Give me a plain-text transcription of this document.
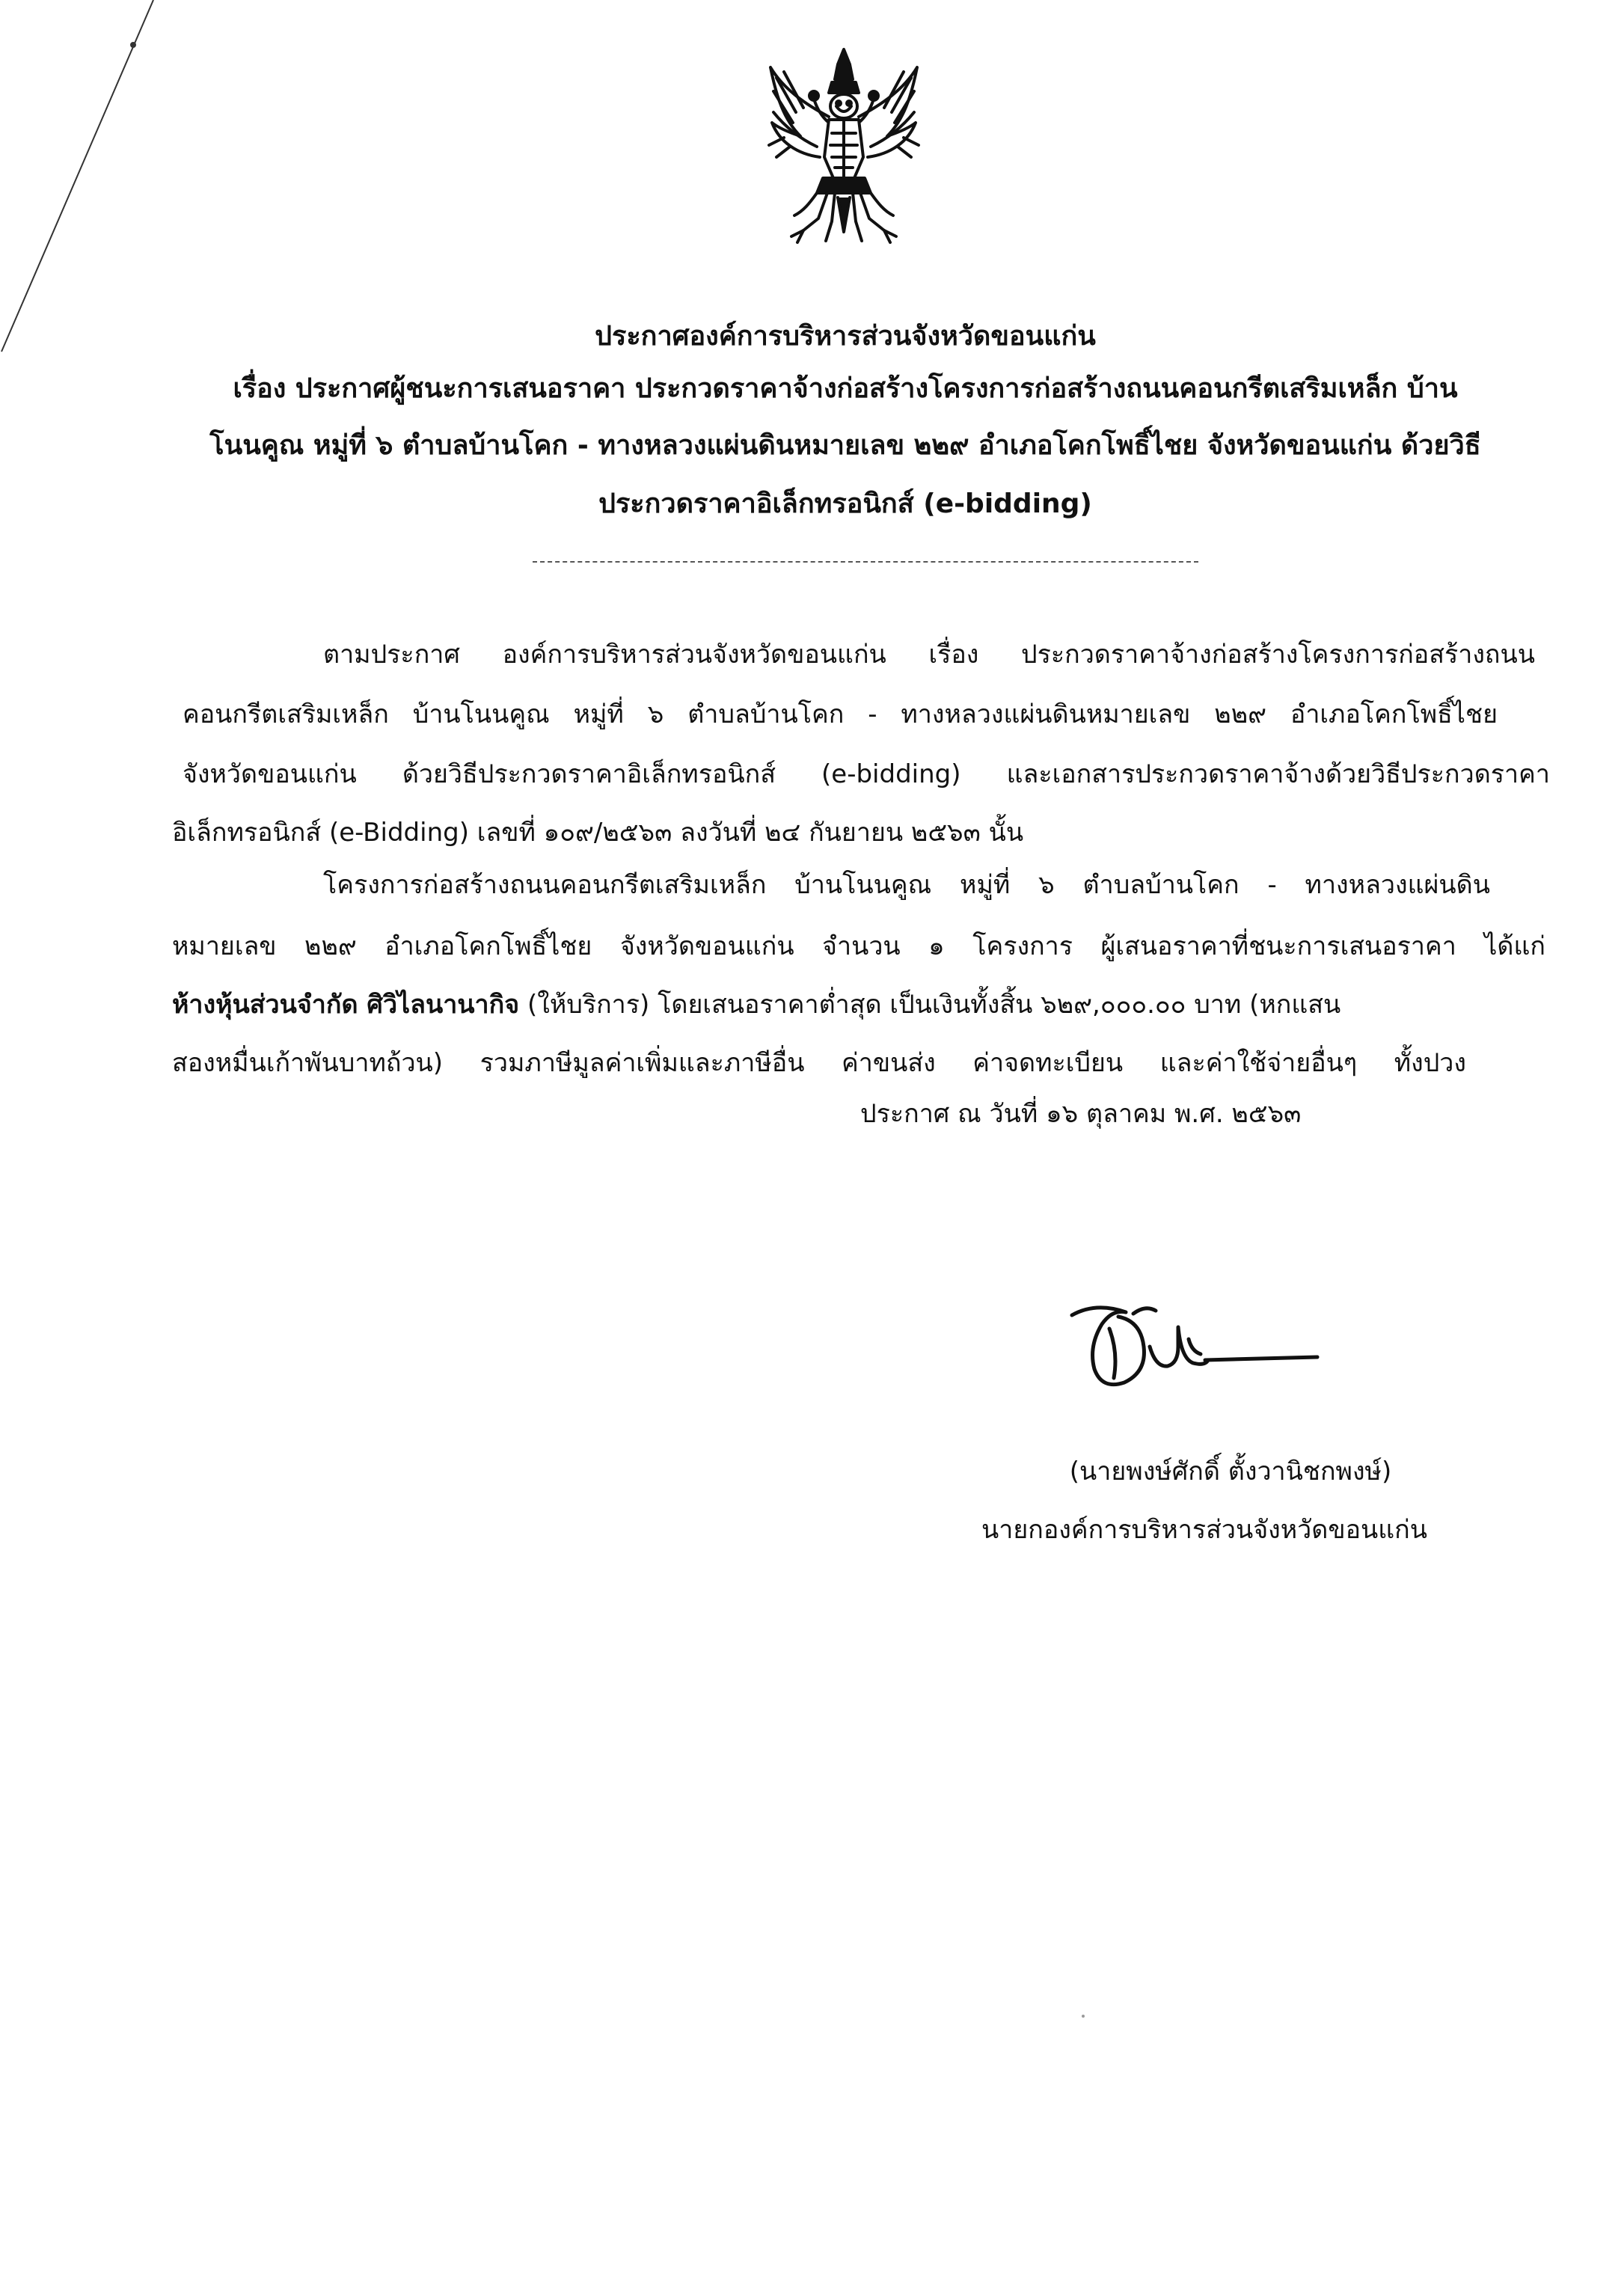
ประกาศองค์การบริหารส่วนจังหวัดขอนแก่น
เรื่อง ประกาศผู้ชนะการเสนอราคา ประกวดราคาจ้างก่อสร้างโครงการก่อสร้างถนนคอนกรีตเสริมเหล็ก บ้าน
โนนคูณ หมู่ที่ ๖ ตำบลบ้านโคก - ทางหลวงแผ่นดินหมายเลข ๒๒๙ อำเภอโคกโพธิ์ไชย จังหวัดขอนแก่น ด้วยวิธี
ประกวดราคาอิเล็กทรอนิกส์ (e-bidding)
ตามประกาศ องค์การบริหารส่วนจังหวัดขอนแก่น เรื่อง ประกวดราคาจ้างก่อสร้างโครงการก่อสร้างถนน
คอนกรีตเสริมเหล็ก บ้านโนนคูณ หมู่ที่ ๖ ตำบลบ้านโคก - ทางหลวงแผ่นดินหมายเลข ๒๒๙ อำเภอโคกโพธิ์ไชย
จังหวัดขอนแก่น ด้วยวิธีประกวดราคาอิเล็กทรอนิกส์ (e-bidding) และเอกสารประกวดราคาจ้างด้วยวิธีประกวดราคา
อิเล็กทรอนิกส์ (e-Bidding) เลขที่ ๑๐๙/๒๕๖๓ ลงวันที่ ๒๔ กันยายน ๒๕๖๓ นั้น
โครงการก่อสร้างถนนคอนกรีตเสริมเหล็ก บ้านโนนคูณ หมู่ที่ ๖ ตำบลบ้านโคก - ทางหลวงแผ่นดิน
หมายเลข ๒๒๙ อำเภอโคกโพธิ์ไชย จังหวัดขอนแก่น จำนวน ๑ โครงการ ผู้เสนอราคาที่ชนะการเสนอราคา ได้แก่
ห้างหุ้นส่วนจำกัด ศิวิไลนานากิจ (ให้บริการ) โดยเสนอราคาต่ำสุด เป็นเงินทั้งสิ้น ๖๒๙,๐๐๐.๐๐ บาท (หกแสน
สองหมื่นเก้าพันบาทถ้วน) รวมภาษีมูลค่าเพิ่มและภาษีอื่น ค่าขนส่ง ค่าจดทะเบียน และค่าใช้จ่ายอื่นๆ ทั้งปวง
ประกาศ ณ วันที่ ๑๖ ตุลาคม พ.ศ. ๒๕๖๓
(นายพงษ์ศักดิ์ ตั้งวานิชกพงษ์)
นายกองค์การบริหารส่วนจังหวัดขอนแก่น
